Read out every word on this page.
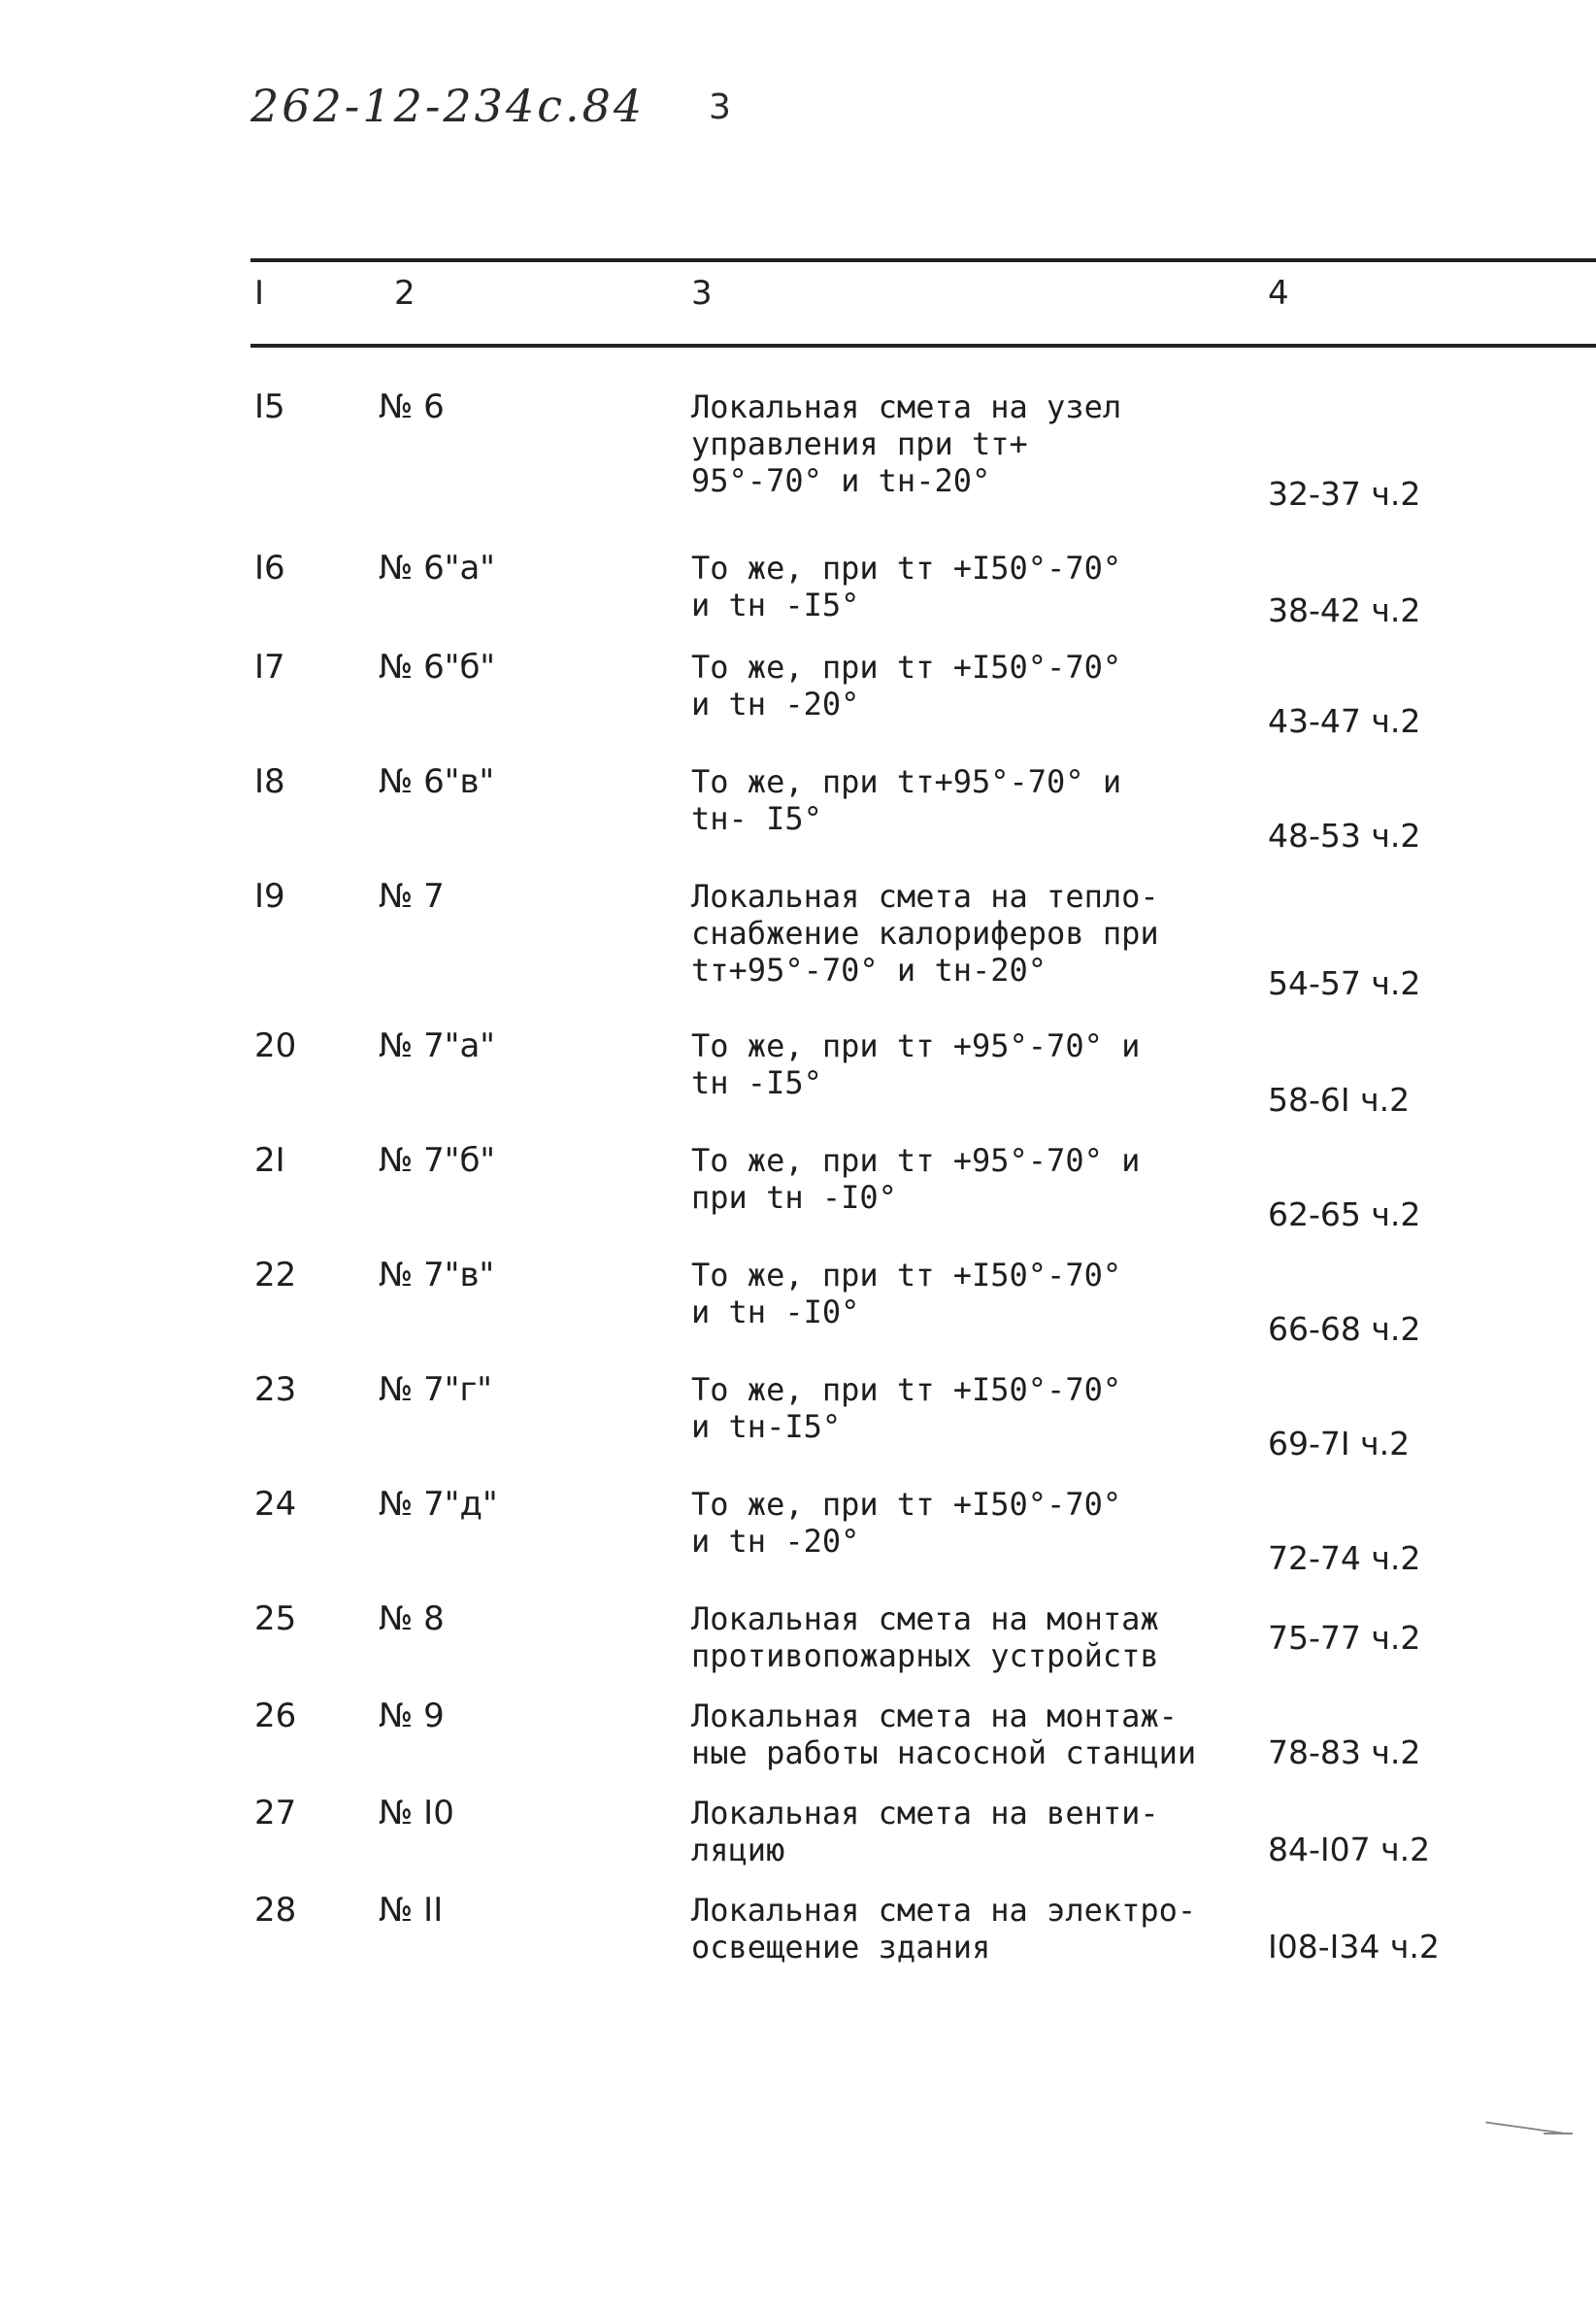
262-12-234с.84 3
I	2	3	4
I5	№ 6	Локальная смета на узел
управления при tт+
95°-70° и tн-20°	32-37 ч.2
I6	№ 6"а"	То же, при tт +I50°-70°
и tн -I5°	38-42 ч.2
I7	№ 6"б"	То же, при tт +I50°-70°
и tн -20°	43-47 ч.2
I8	№ 6"в"	То же, при tт+95°-70° и
tн- I5°	48-53 ч.2
I9	№ 7	Локальная смета на тепло-
снабжение калориферов при
tт+95°-70° и tн-20°	54-57 ч.2
20 № 7"а"	То же, при tт +95°-70° и
tн -I5°	58-6I ч.2
2I	№ 7"б"	То же, при tт +95°-70° и
при tн -I0°	62-65 ч.2
22 № 7"в"	То же, при tт +I50°-70°
и tн -I0°	66-68 ч.2
23 № 7"г"	То же, при tт +I50°-70°
и tн-I5°	69-7I ч.2
24 № 7"д"	То же, при tт +I50°-70°
и tн -20°	72-74 ч.2
25 № 8	Локальная смета на монтаж
противопожарных устройств	75-77 ч.2
26 № 9	Локальная смета на монтаж-
ные работы насосной станции	78-83 ч.2
27 № I0	Локальная смета на венти-
ляцию	84-I07 ч.2
28 № II	Локальная смета на электро-
освещение здания	I08-I34 ч.2
